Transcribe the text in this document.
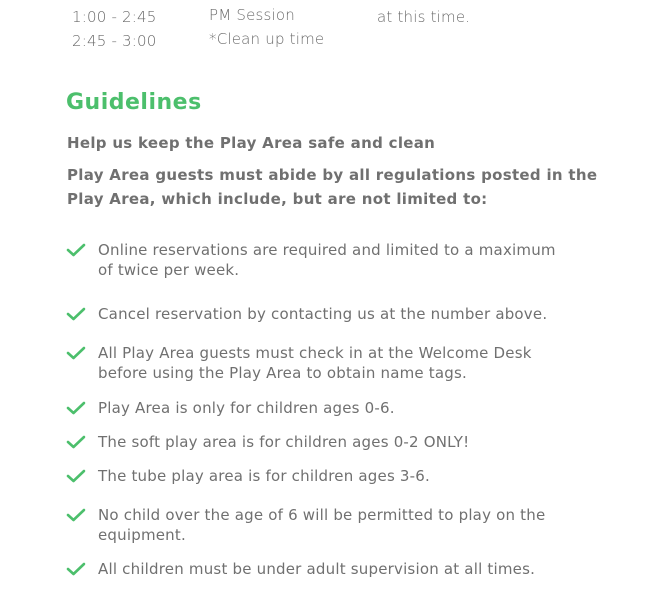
1:00 - 2:45
2:45 - 3:00
PM Session
*Clean up time
at this time.
Guidelines
Help us keep the Play Area safe and clean
Play Area guests must abide by all regulations posted in the
Play Area, which include, but are not limited to:
Online reservations are required and limited to a maximum
of twice per week.
Cancel reservation by contacting us at the number above.
All Play Area guests must check in at the Welcome Desk
before using the Play Area to obtain name tags.
Play Area is only for children ages 0-6.
The soft play area is for children ages 0-2 ONLY!
The tube play area is for children ages 3-6.
No child over the age of 6 will be permitted to play on the
equipment.
All children must be under adult supervision at all times.
